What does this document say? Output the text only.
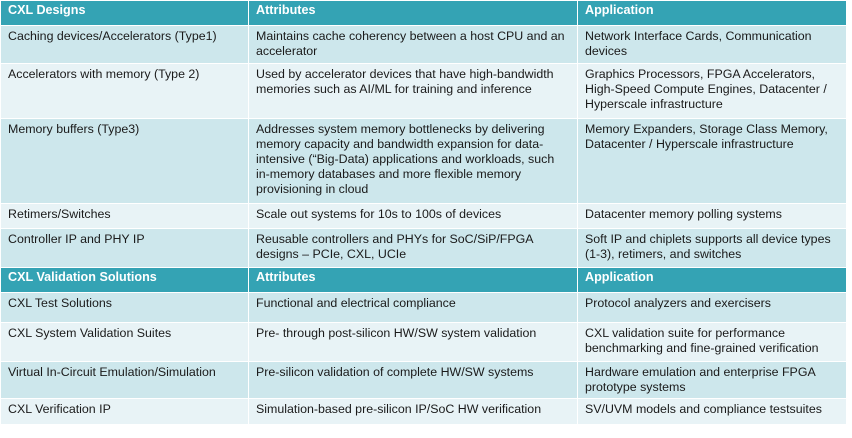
CXL Designs	Attributes	Application
Caching devices/Accelerators (Type1)	Maintains cache coherency between a host CPU and an accelerator	Network Interface Cards, Communication devices
Accelerators with memory (Type 2)	Used by accelerator devices that have high-bandwidth memories such as AI/ML for training and inference	Graphics Processors, FPGA Accelerators, High-Speed Compute Engines, Datacenter / Hyperscale infrastructure
Memory buffers (Type3)	Addresses system memory bottlenecks by delivering memory capacity and bandwidth expansion for data-intensive (“Big-Data) applications and workloads, such in-memory databases and more flexible memory provisioning in cloud	Memory Expanders, Storage Class Memory, Datacenter / Hyperscale infrastructure
Retimers/Switches	Scale out systems for 10s to 100s of devices	Datacenter memory polling systems
Controller IP and PHY IP	Reusable controllers and PHYs for SoC/SiP/FPGA designs – PCIe, CXL, UCIe	Soft IP and chiplets supports all device types (1-3), retimers, and switches
CXL Validation Solutions	Attributes	Application
CXL Test Solutions	Functional and electrical compliance	Protocol analyzers and exercisers
CXL System Validation Suites	Pre- through post-silicon HW/SW system validation	CXL validation suite for performance benchmarking and fine-grained verification
Virtual In-Circuit Emulation/Simulation	Pre-silicon validation of complete HW/SW systems	Hardware emulation and enterprise FPGA prototype systems
CXL Verification IP	Simulation-based pre-silicon IP/SoC HW verification	SV/UVM models and compliance testsuites
